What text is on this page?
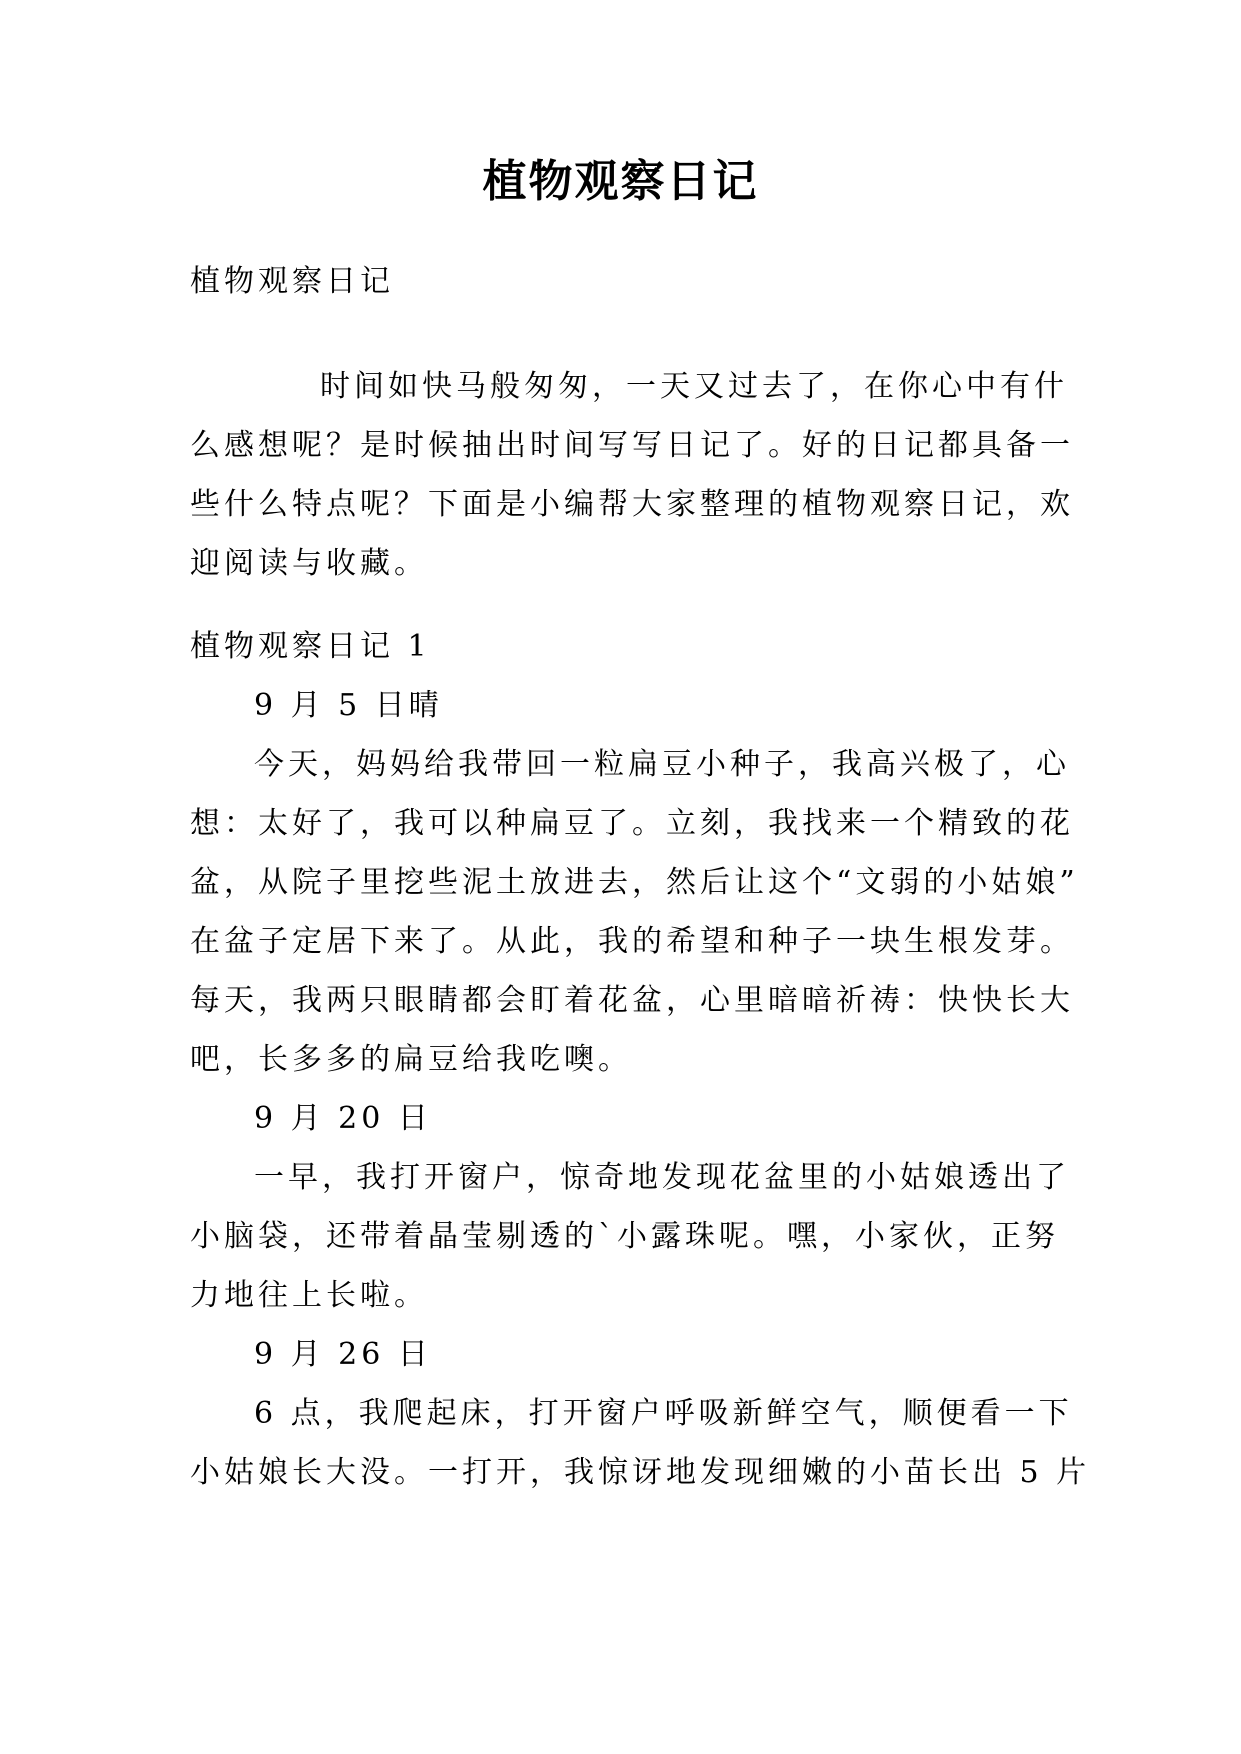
植物观察日记
植物观察日记
时间如快马般匆匆，一天又过去了，在你心中有什
么感想呢？是时候抽出时间写写日记了。好的日记都具备一
些什么特点呢？下面是小编帮大家整理的植物观察日记，欢
迎阅读与收藏。
植物观察日记 1
9 月 5 日晴
今天，妈妈给我带回一粒扁豆小种子，我高兴极了，心
想：太好了，我可以种扁豆了。立刻，我找来一个精致的花
盆，从院子里挖些泥土放进去，然后让这个“文弱的小姑娘”
在盆子定居下来了。从此，我的希望和种子一块生根发芽。
每天，我两只眼睛都会盯着花盆，心里暗暗祈祷：快快长大
吧，长多多的扁豆给我吃噢。
9 月 20 日
一早，我打开窗户，惊奇地发现花盆里的小姑娘透出了
小脑袋，还带着晶莹剔透的`小露珠呢。嘿，小家伙，正努
力地往上长啦。
9 月 26 日
6 点，我爬起床，打开窗户呼吸新鲜空气，顺便看一下
小姑娘长大没。一打开，我惊讶地发现细嫩的小苗长出 5 片
